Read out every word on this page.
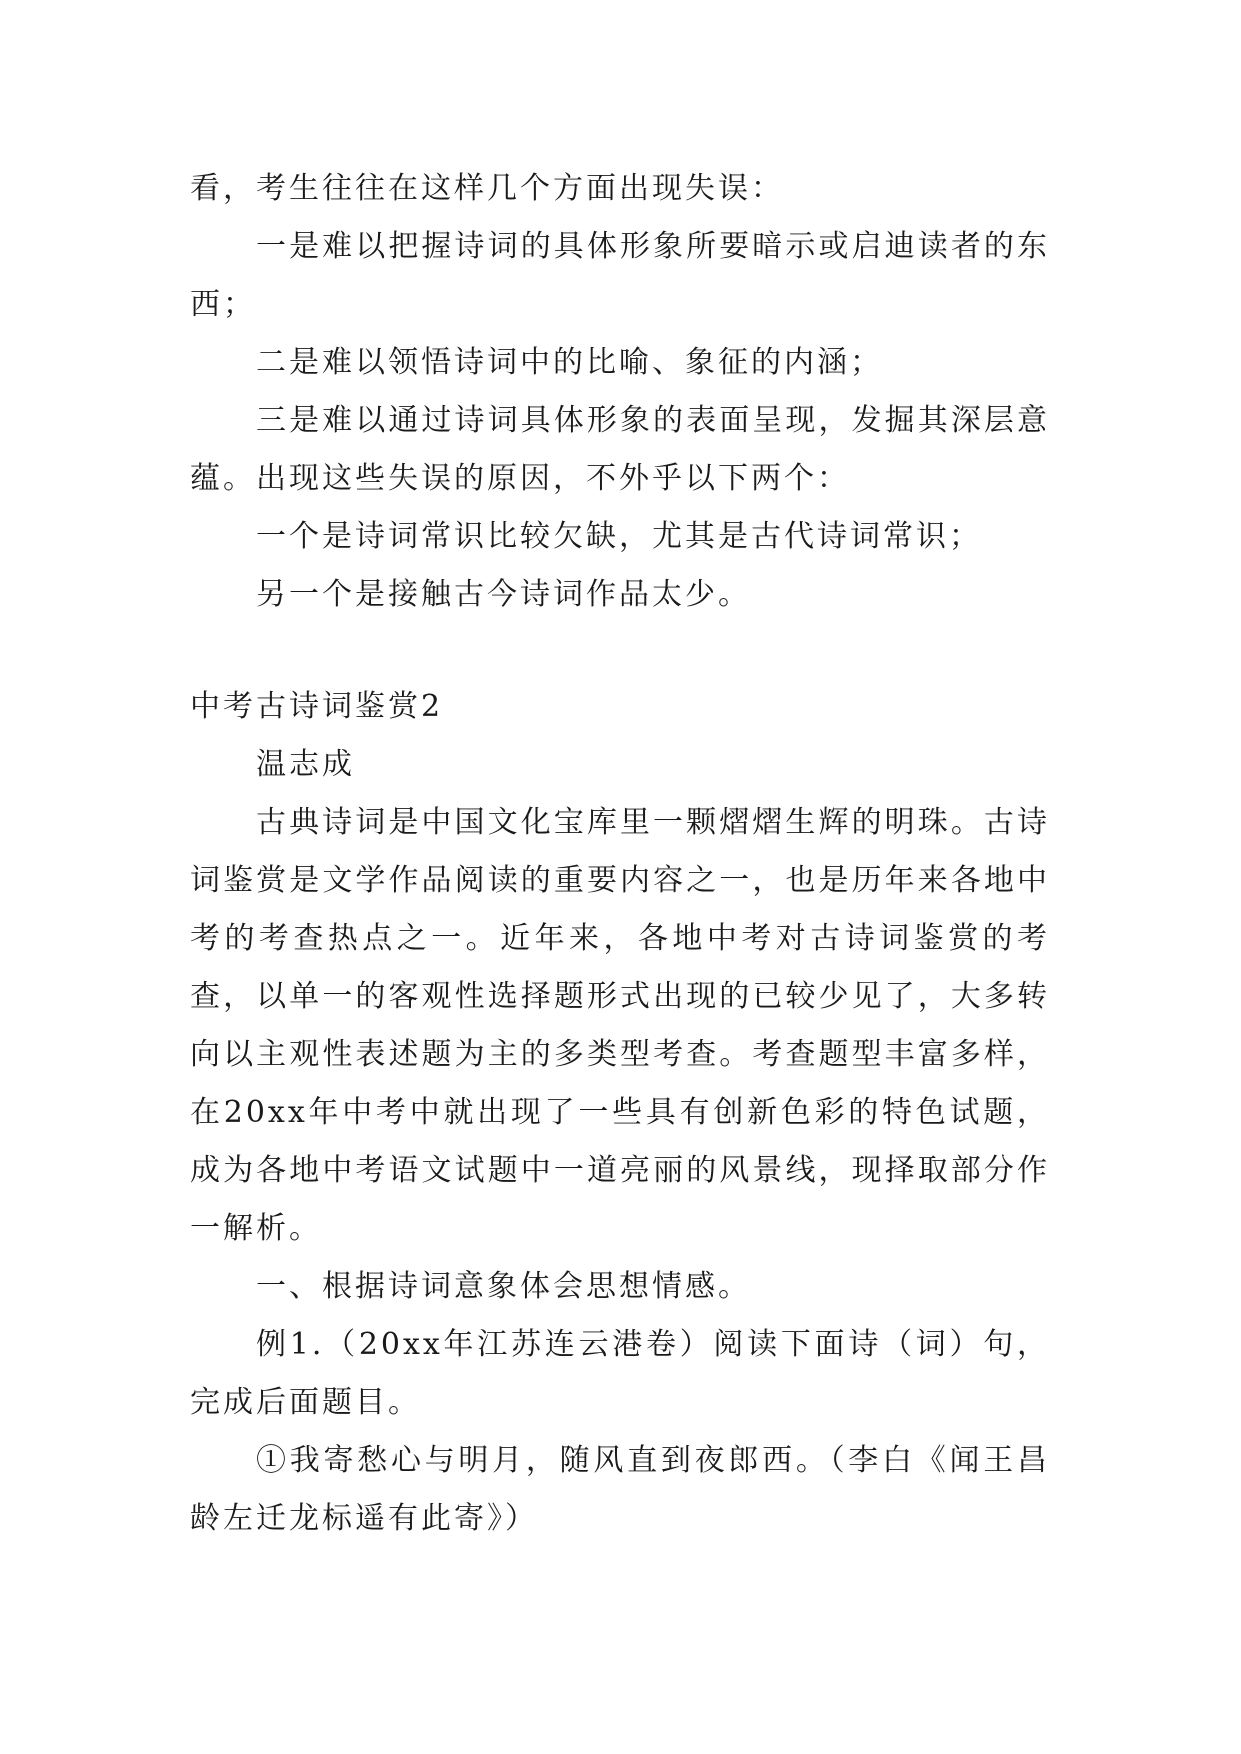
看，考生往往在这样几个方面出现失误：

一是难以把握诗词的具体形象所要暗示或启迪读者的东西；

二是难以领悟诗词中的比喻、象征的内涵；

三是难以通过诗词具体形象的表面呈现，发掘其深层意蕴。出现这些失误的原因，不外乎以下两个：

一个是诗词常识比较欠缺，尤其是古代诗词常识；

另一个是接触古今诗词作品太少。

中考古诗词鉴赏2

温志成

古典诗词是中国文化宝库里一颗熠熠生辉的明珠。古诗词鉴赏是文学作品阅读的重要内容之一，也是历年来各地中考的考查热点之一。近年来，各地中考对古诗词鉴赏的考查，以单一的客观性选择题形式出现的已较少见了，大多转向以主观性表述题为主的多类型考查。考查题型丰富多样，在20xx年中考中就出现了一些具有创新色彩的特色试题，成为各地中考语文试题中一道亮丽的风景线，现择取部分作一解析。

一、根据诗词意象体会思想情感。

例1.（20xx年江苏连云港卷）阅读下面诗（词）句，完成后面题目。

①我寄愁心与明月，随风直到夜郎西。（李白《闻王昌龄左迁龙标遥有此寄》）
